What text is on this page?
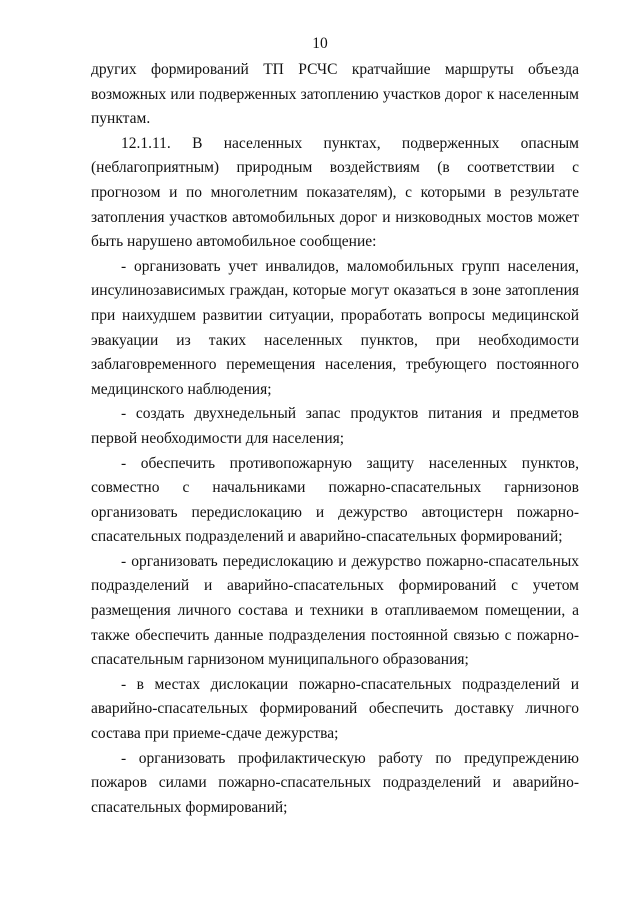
10

других формирований ТП РСЧС кратчайшие маршруты объезда возможных или подверженных затоплению участков дорог к населенным пунктам.

12.1.11. В населенных пунктах, подверженных опасным (неблагоприятным) природным воздействиям (в соответствии с прогнозом и по многолетним показателям), с которыми в результате затопления участков автомобильных дорог и низководных мостов может быть нарушено автомобильное сообщение:

- организовать учет инвалидов, маломобильных групп населения, инсулинозависимых граждан, которые могут оказаться в зоне затопления при наихудшем развитии ситуации, проработать вопросы медицинской эвакуации из таких населенных пунктов, при необходимости заблаговременного перемещения населения, требующего постоянного медицинского наблюдения;

- создать двухнедельный запас продуктов питания и предметов первой необходимости для населения;

- обеспечить противопожарную защиту населенных пунктов, совместно с начальниками пожарно-спасательных гарнизонов организовать передислокацию и дежурство автоцистерн пожарно-спасательных подразделений и аварийно-спасательных формирований;

- организовать передислокацию и дежурство пожарно-спасательных подразделений и аварийно-спасательных формирований с учетом размещения личного состава и техники в отапливаемом помещении, а также обеспечить данные подразделения постоянной связью с пожарно-спасательным гарнизоном муниципального образования;

- в местах дислокации пожарно-спасательных подразделений и аварийно-спасательных формирований обеспечить доставку личного состава при приеме-сдаче дежурства;

- организовать профилактическую работу по предупреждению пожаров силами пожарно-спасательных подразделений и аварийно-спасательных формирований;
